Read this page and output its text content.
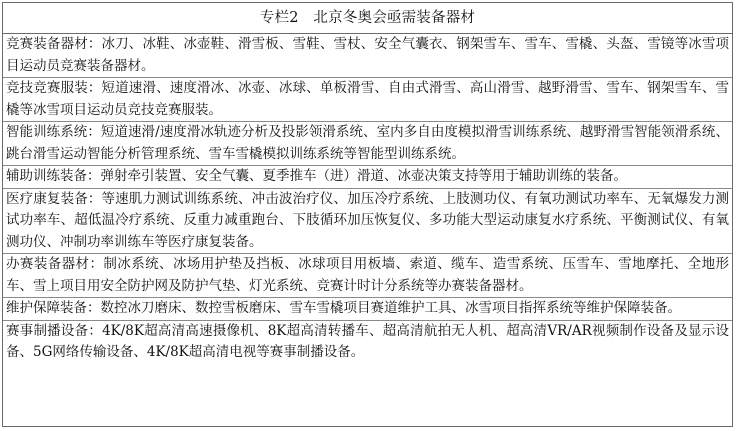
专栏2　北京冬奥会亟需装备器材
竞赛装备器材：冰刀、冰鞋、冰壶鞋、滑雪板、雪鞋、雪杖、安全气囊衣、钢架雪车、雪车、雪橇、头盔、雪镜等冰雪项目运动员竞赛装备器材。
竞技竞赛服装：短道速滑、速度滑冰、冰壶、冰球、单板滑雪、自由式滑雪、高山滑雪、越野滑雪、雪车、钢架雪车、雪橇等冰雪项目运动员竞技竞赛服装。
智能训练系统：短道速滑/速度滑冰轨迹分析及投影领滑系统、室内多自由度模拟滑雪训练系统、越野滑雪智能领滑系统、跳台滑雪运动智能分析管理系统、雪车雪橇模拟训练系统等智能型训练系统。
辅助训练装备：弹射牵引装置、安全气囊、夏季推车（进）滑道、冰壶决策支持等用于辅助训练的装备。
医疗康复装备：等速肌力测试训练系统、冲击波治疗仪、加压冷疗系统、上肢测功仪、有氧功测试功率车、无氧爆发力测试功率车、超低温冷疗系统、反重力减重跑台、下肢循环加压恢复仪、多功能大型运动康复水疗系统、平衡测试仪、有氧测功仪、冲制功率训练车等医疗康复装备。
办赛装备器材：制冰系统、冰场用护垫及挡板、冰球项目用板墙、索道、缆车、造雪系统、压雪车、雪地摩托、全地形车、雪上项目用安全防护网及防护气垫、灯光系统、竞赛计时计分系统等办赛装备器材。
维护保障装备：数控冰刀磨床、数控雪板磨床、雪车雪橇项目赛道维护工具、冰雪项目指挥系统等维护保障装备。
赛事制播设备：4K/8K超高清高速摄像机、8K超高清转播车、超高清航拍无人机、超高清VR/AR视频制作设备及显示设备、5G网络传输设备、4K/8K超高清电视等赛事制播设备。
